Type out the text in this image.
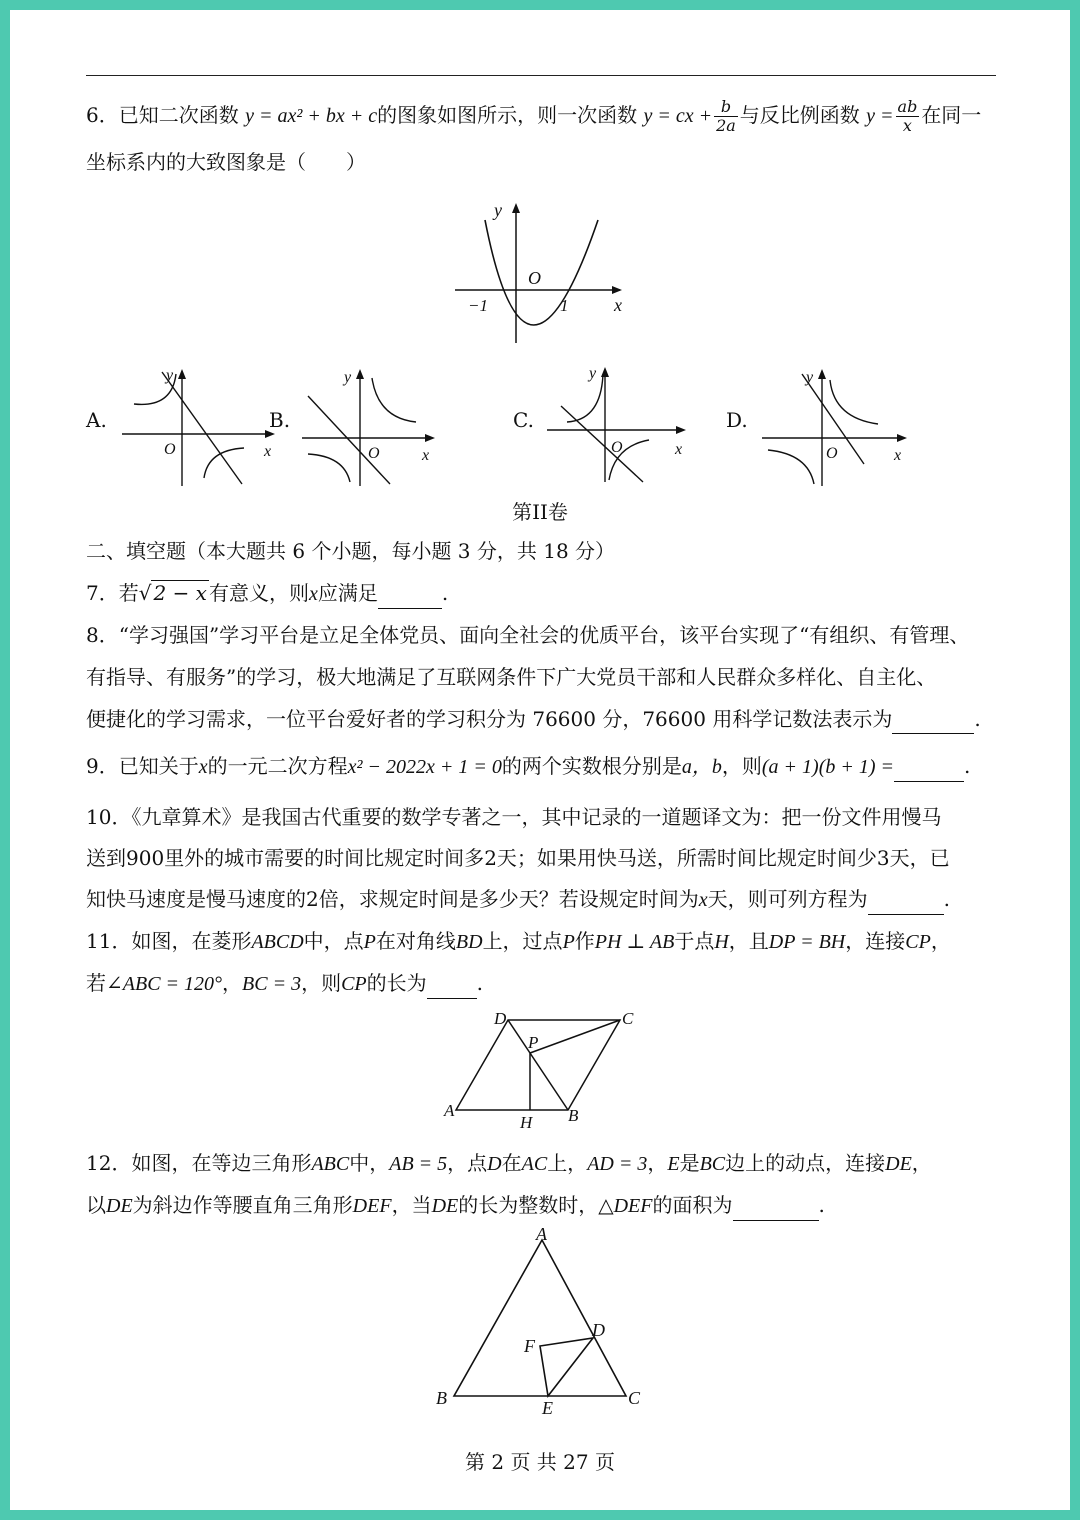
6．已知二次函数 y = ax² + bx + c的图象如图所示，则一次函数 y = cx + $\frac{b}{2a}$ 与反比例函数 $y = \frac{ab}{x}$ 在同一
坐标系内的大致图象是（　　）
y
O
−1	1	x
A.
y
O	x
B.
y
O	x
C.
y
O	x
D.
y
O	x
第II卷
二、填空题（本大题共 6 个小题，每小题 3 分，共 18 分）
7．若√ 2 − x 有意义，则x应满足	.
8．“学习强国”学习平台是立足全体党员、面向全社会的优质平台，该平台实现了“有组织、有管理、
有指导、有服务”的学习，极大地满足了互联网条件下广大党员干部和人民群众多样化、自主化、
便捷化的学习需求，一位平台爱好者的学习积分为 76600 分，76600 用科学记数法表示为	.
9．已知关于x的一元二次方程x² − 2022x + 1 = 0的两个实数根分别是a，b，则(a + 1)(b + 1) =	.
10．《九章算术》是我国古代重要的数学专著之一，其中记录的一道题译文为：把一份文件用慢马
送到900里外的城市需要的时间比规定时间多2天；如果用快马送，所需时间比规定时间少3天，已
知快马速度是慢马速度的2倍，求规定时间是多少天？若设规定时间为x天，则可列方程为	.
11．如图，在菱形ABCD中，点P在对角线BD上，过点P作PH ⊥ AB于点H，且DP = BH，连接CP，
若∠ABC = 120°，BC = 3，则CP的长为	.
A	B
C
D
P
H
12．如图，在等边三角形ABC中，AB = 5，点D在AC上，AD = 3，E是BC边上的动点，连接DE，
以DE为斜边作等腰直角三角形DEF，当DE的长为整数时，△DEF的面积为	.
A
B	C
D
E
F
第 2 页 共 27 页
